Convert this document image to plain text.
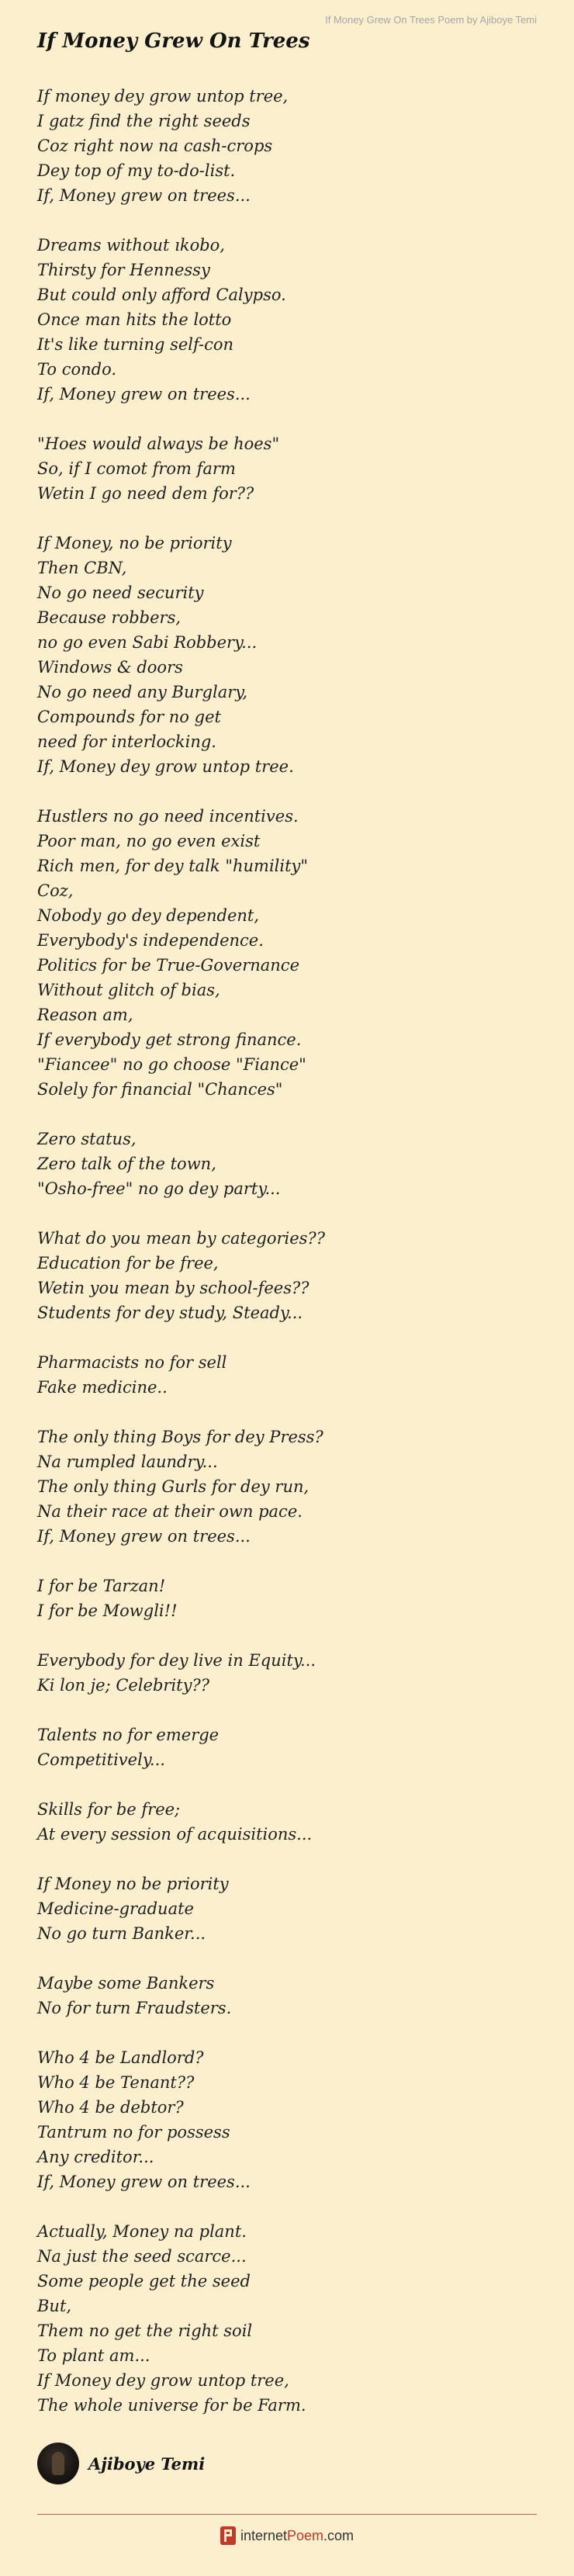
If Money Grew On Trees Poem by Ajiboye Temi
If Money Grew On Trees
If money dey grow untop tree,
I gatz find the right seeds
Coz right now na cash-crops
Dey top of my to-do-list.
If, Money grew on trees...
Dreams without ıkobo,
Thirsty for Hennessy
But could only afford Calypso.
Once man hits the lotto
It's like turning self-con
To condo.
If, Money grew on trees...
"Hoes would always be hoes"
So, if I comot from farm
Wetin I go need dem for??
If Money, no be priority
Then CBN,
No go need security
Because robbers,
no go even Sabi Robbery...
Windows & doors
No go need any Burglary,
Compounds for no get
need for interlocking.
If, Money dey grow untop tree.
Hustlers no go need incentives.
Poor man, no go even exist
Rich men, for dey talk "humility"
Coz,
Nobody go dey dependent,
Everybody's independence.
Politics for be True-Governance
Without glitch of bias,
Reason am,
If everybody get strong finance.
"Fiancee" no go choose "Fiance"
Solely for financial "Chances"
Zero status,
Zero talk of the town,
"Osho-free" no go dey party...
What do you mean by categories??
Education for be free,
Wetin you mean by school-fees??
Students for dey study, Steady...
Pharmacists no for sell
Fake medicine..
The only thing Boys for dey Press?
Na rumpled laundry...
The only thing Gurls for dey run,
Na their race at their own pace.
If, Money grew on trees...
I for be Tarzan!
I for be Mowgli!!
Everybody for dey live in Equity...
Ki lon je; Celebrity??
Talents no for emerge
Competitively...
Skills for be free;
At every session of acquisitions...
If Money no be priority
Medicine-graduate
No go turn Banker...
Maybe some Bankers
No for turn Fraudsters.
Who 4 be Landlord?
Who 4 be Tenant??
Who 4 be debtor?
Tantrum no for possess
Any creditor...
If, Money grew on trees...
Actually, Money na plant.
Na just the seed scarce...
Some people get the seed
But,
Them no get the right soil
To plant am...
If Money dey grow untop tree,
The whole universe for be Farm.
Ajiboye Temi
internetPoem.com
